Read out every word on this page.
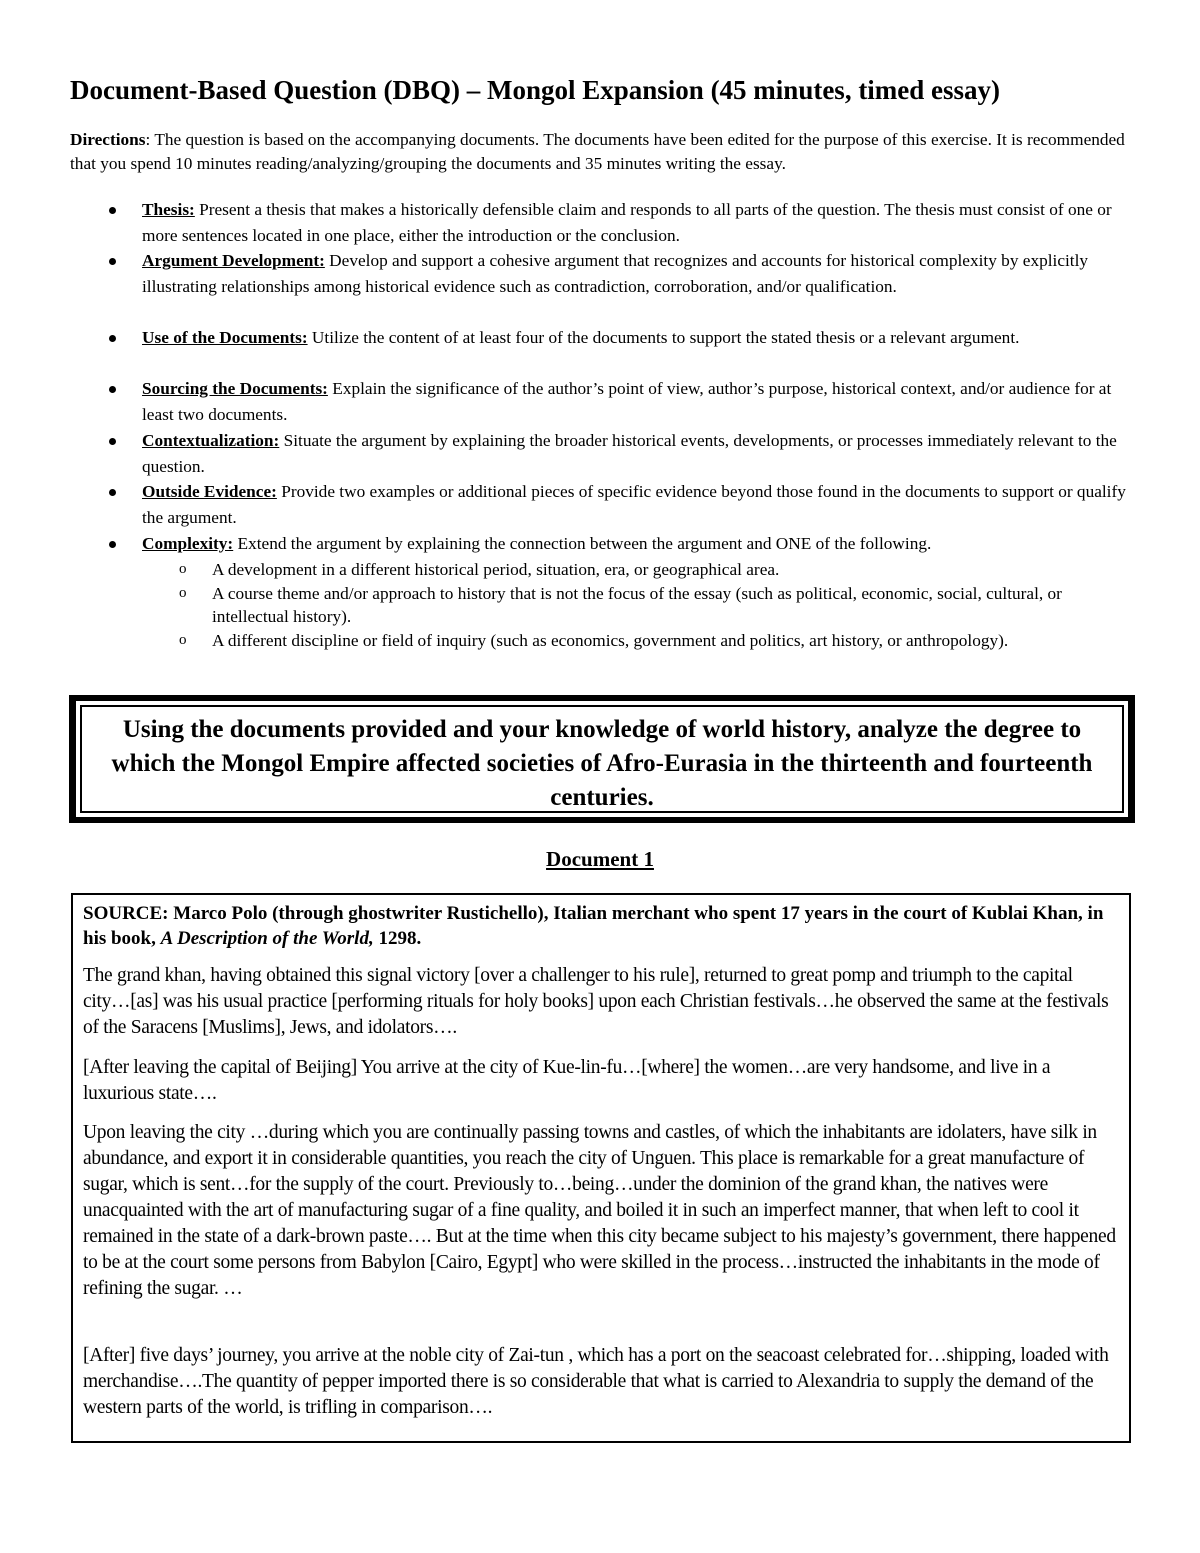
Document-Based Question (DBQ) – Mongol Expansion (45 minutes, timed essay)
Directions: The question is based on the accompanying documents. The documents have been edited for the purpose of this exercise. It is recommended that you spend 10 minutes reading/analyzing/grouping the documents and 35 minutes writing the essay.
Thesis: Present a thesis that makes a historically defensible claim and responds to all parts of the question. The thesis must consist of one or more sentences located in one place, either the introduction or the conclusion.
Argument Development: Develop and support a cohesive argument that recognizes and accounts for historical complexity by explicitly illustrating relationships among historical evidence such as contradiction, corroboration, and/or qualification.
Use of the Documents: Utilize the content of at least four of the documents to support the stated thesis or a relevant argument.
Sourcing the Documents: Explain the significance of the author’s point of view, author’s purpose, historical context, and/or audience for at least two documents.
Contextualization: Situate the argument by explaining the broader historical events, developments, or processes immediately relevant to the question.
Outside Evidence: Provide two examples or additional pieces of specific evidence beyond those found in the documents to support or qualify the argument.
Complexity: Extend the argument by explaining the connection between the argument and ONE of the following.
o A development in a different historical period, situation, era, or geographical area.
o A course theme and/or approach to history that is not the focus of the essay (such as political, economic, social, cultural, or intellectual history).
o A different discipline or field of inquiry (such as economics, government and politics, art history, or anthropology).
Using the documents provided and your knowledge of world history, analyze the degree to which the Mongol Empire affected societies of Afro-Eurasia in the thirteenth and fourteenth centuries.
Document 1
SOURCE: Marco Polo (through ghostwriter Rustichello), Italian merchant who spent 17 years in the court of Kublai Khan, in his book, A Description of the World, 1298.
The grand khan, having obtained this signal victory [over a challenger to his rule], returned to great pomp and triumph to the capital city…[as] was his usual practice [performing rituals for holy books] upon each Christian festivals…he observed the same at the festivals of the Saracens [Muslims], Jews, and idolators….
[After leaving the capital of Beijing] You arrive at the city of Kue-lin-fu…[where] the women…are very handsome, and live in a luxurious state….
Upon leaving the city …during which you are continually passing towns and castles, of which the inhabitants are idolaters, have silk in abundance, and export it in considerable quantities, you reach the city of Unguen. This place is remarkable for a great manufacture of sugar, which is sent…for the supply of the court. Previously to…being…under the dominion of the grand khan, the natives were unacquainted with the art of manufacturing sugar of a fine quality, and boiled it in such an imperfect manner, that when left to cool it remained in the state of a dark-brown paste…. But at the time when this city became subject to his majesty’s government, there happened to be at the court some persons from Babylon [Cairo, Egypt] who were skilled in the process…instructed the inhabitants in the mode of refining the sugar. …
[After] five days’ journey, you arrive at the noble city of Zai-tun , which has a port on the seacoast celebrated for…shipping, loaded with merchandise….The quantity of pepper imported there is so considerable that what is carried to Alexandria to supply the demand of the western parts of the world, is trifling in comparison….
